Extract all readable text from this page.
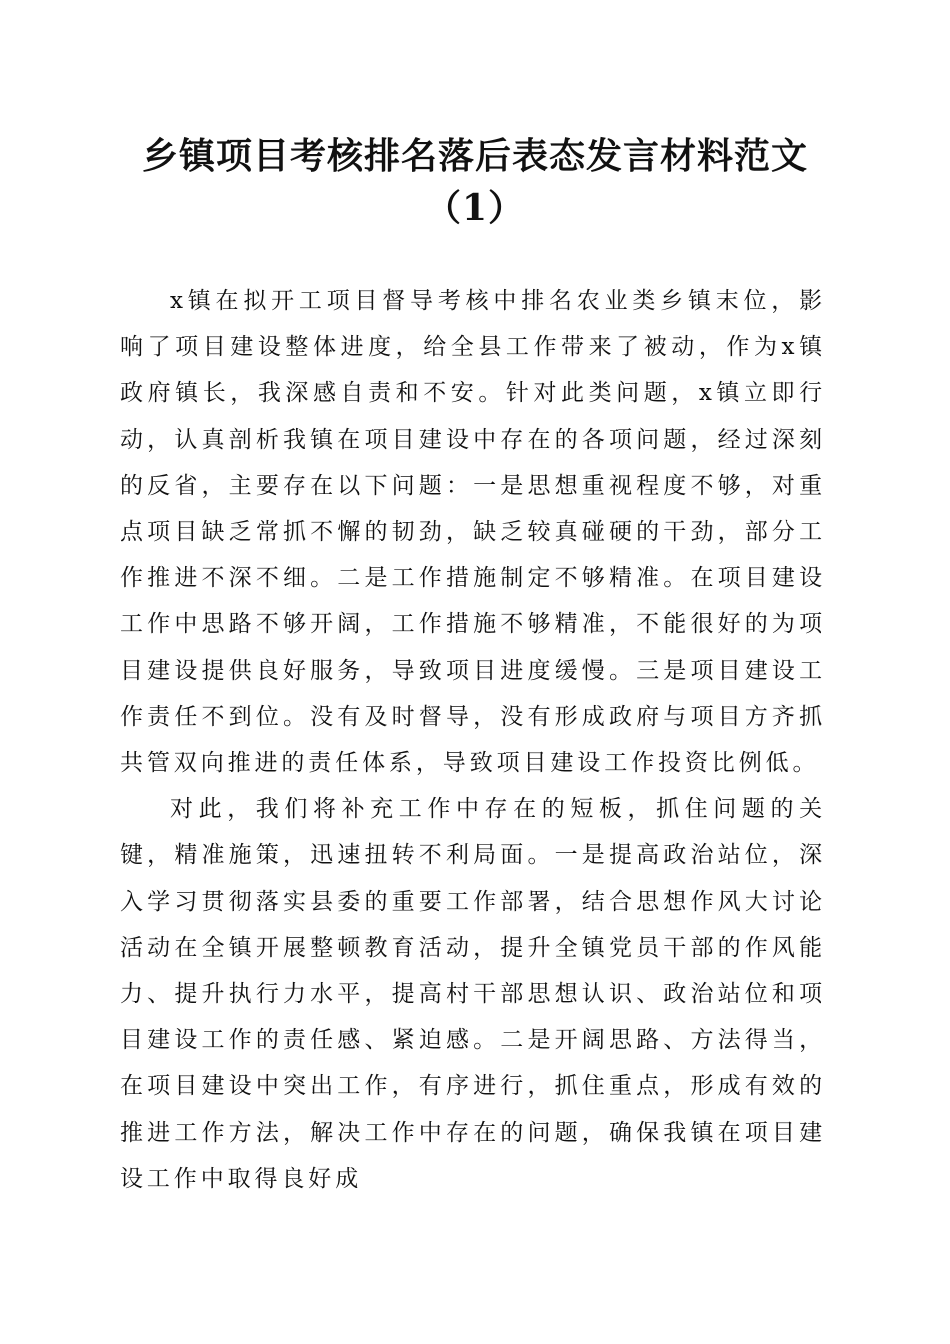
乡镇项目考核排名落后表态发言材料范文
（1）

x镇在拟开工项目督导考核中排名农业类乡镇末位，影响了项目建设整体进度，给全县工作带来了被动，作为x镇政府镇长，我深感自责和不安。针对此类问题，x镇立即行动，认真剖析我镇在项目建设中存在的各项问题，经过深刻的反省，主要存在以下问题：一是思想重视程度不够，对重点项目缺乏常抓不懈的韧劲，缺乏较真碰硬的干劲，部分工作推进不深不细。二是工作措施制定不够精准。在项目建设工作中思路不够开阔，工作措施不够精准，不能很好的为项目建设提供良好服务，导致项目进度缓慢。三是项目建设工作责任不到位。没有及时督导，没有形成政府与项目方齐抓共管双向推进的责任体系，导致项目建设工作投资比例低。

对此，我们将补充工作中存在的短板，抓住问题的关键，精准施策，迅速扭转不利局面。一是提高政治站位，深入学习贯彻落实县委的重要工作部署，结合思想作风大讨论活动在全镇开展整顿教育活动，提升全镇党员干部的作风能力、提升执行力水平，提高村干部思想认识、政治站位和项目建设工作的责任感、紧迫感。二是开阔思路、方法得当，在项目建设中突出工作，有序进行，抓住重点，形成有效的推进工作方法，解决工作中存在的问题，确保我镇在项目建设工作中取得良好成
